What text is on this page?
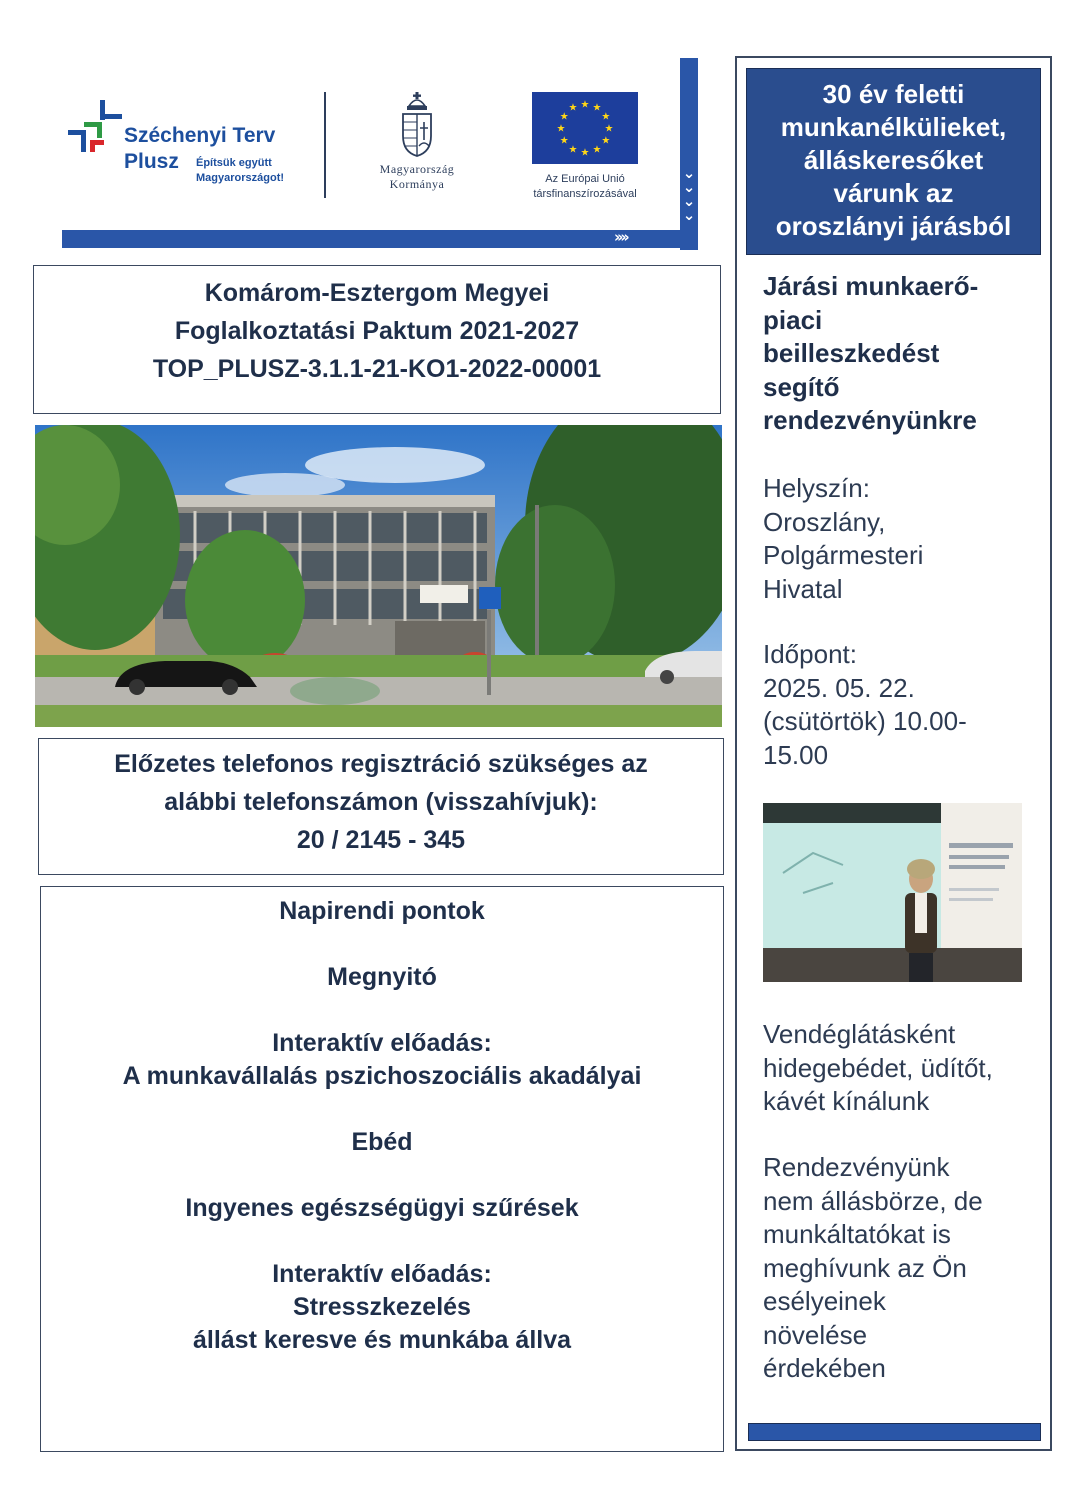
››››
⌄
⌄
⌄
⌄
Széchenyi Terv
Plusz Építsük együtt
Magyarországot!
Magyarország
Kormánya
★ ★
★
★
★
★
★
★
★
★
★
★
Az Európai Unió
társfinanszírozásával

Komárom-Esztergom Megyei

Foglalkoztatási Paktum 2021-2027

TOP_PLUSZ-3.1.1-21-KO1-2022-00001

Előzetes telefonos regisztráció szükséges az

alábbi telefonszámon (visszahívjuk):

20 / 2145 - 345

Napirendi pontok

Megnyitó

Interaktív előadás:

A munkavállalás pszichoszociális akadályai

Ebéd

Ingyenes egészségügyi szűrések

Interaktív előadás:

Stresszkezelés

állást keresve és munkába állva

30 év feletti

munkanélkülieket,

álláskeresőket

várunk az

oroszlányi járásból

Járási munkaerő-
piaci
beilleszkedést
segítő
rendezvényünkre
Helyszín:
Oroszlány,
Polgármesteri
Hivatal
Időpont:
2025. 05. 22.
(csütörtök) 10.00-
15.00
Vendéglátásként
hidegebédet, üdítőt,
kávét kínálunk
Rendezvényünk
nem állásbörze, de
munkáltatókat is
meghívunk az Ön
esélyeinek
növelése
érdekében
